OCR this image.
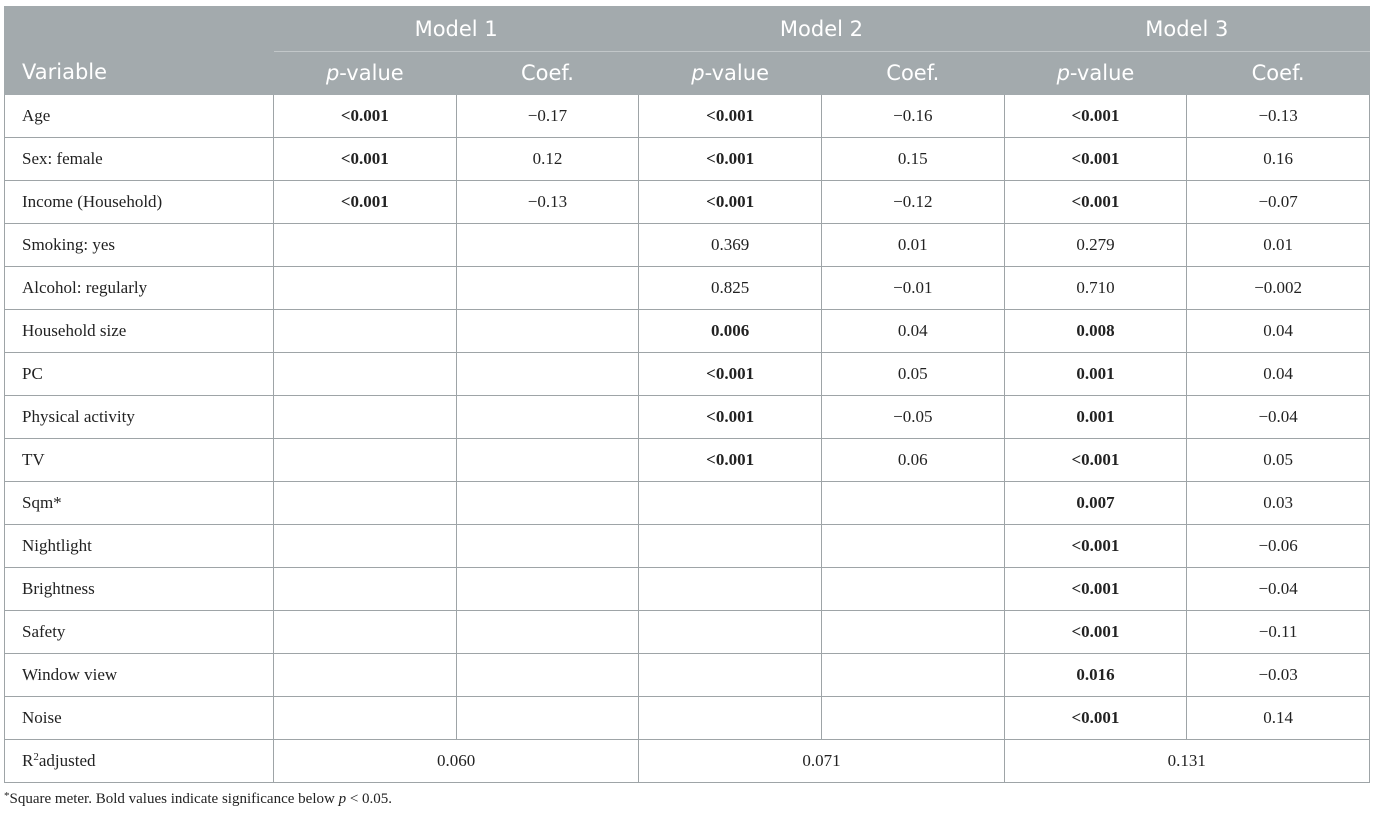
Variable	Model 1		Model 2		Model 3	
	p-value	Coef.	p-value	Coef.	p-value	Coef.
Age	<0.001	−0.17	<0.001	−0.16	<0.001	−0.13
Sex: female	<0.001	0.12	<0.001	0.15	<0.001	0.16
Income (Household)	<0.001	−0.13	<0.001	−0.12	<0.001	−0.07
Smoking: yes			0.369	0.01	0.279	0.01
Alcohol: regularly			0.825	−0.01	0.710	−0.002
Household size			0.006	0.04	0.008	0.04
PC			<0.001	0.05	0.001	0.04
Physical activity			<0.001	−0.05	0.001	−0.04
TV			<0.001	0.06	<0.001	0.05
Sqm*					0.007	0.03
Nightlight					<0.001	−0.06
Brightness					<0.001	−0.04
Safety					<0.001	−0.11
Window view					0.016	−0.03
Noise					<0.001	0.14
$R^2adjusted$	0.060		0.071		0.131	
*Square meter. Bold values indicate significance below p < 0.05.
